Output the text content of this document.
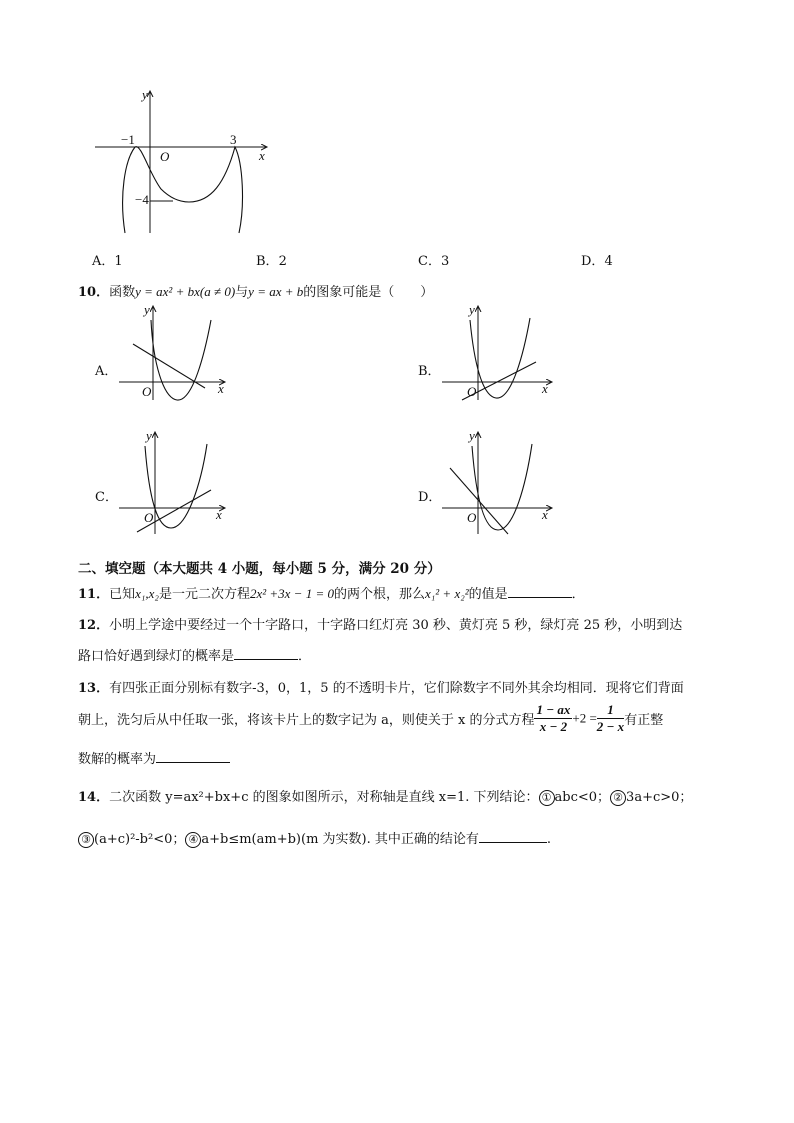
y
x
O
−1	3
−4
A．1	B．2	C．3	D．4
10．函数y = ax² + bx(a ≠ 0)与y = ax + b的图象可能是（　　）
A．
y
x
O
B．
y
x
O
C．
y
x
O
D．
y
x
O
二、填空题（本大题共 4 小题，每小题 5 分，满分 20 分）
11．已知x₁,x₂是一元二次方程2x² +3x − 1 = 0的两个根，那么x₁² + x₂²的值是	．
12．小明上学途中要经过一个十字路口，十字路口红灯亮 30 秒、黄灯亮 5 秒，绿灯亮 25 秒，小明到达
路口恰好遇到绿灯的概率是	．
13．有四张正面分别标有数字-3，0，1，5 的不透明卡片，它们除数字不同外其余均相同．现将它们背面
朝上，洗匀后从中任取一张，将该卡片上的数字记为 a，则使关于 x 的分式方程 $\frac{1 - ax}{x - 2} +2 = \frac{1}{2 - x}$ 有正整
数解的概率为
14．二次函数 y=ax²+bx+c 的图象如图所示，对称轴是直线 x=1. 下列结论： ① abc<0； ② 3a+c>0；
③ (a+c)²-b²<0； ④ a+b≤m(am+b)(m 为实数). 其中正确的结论有	.
